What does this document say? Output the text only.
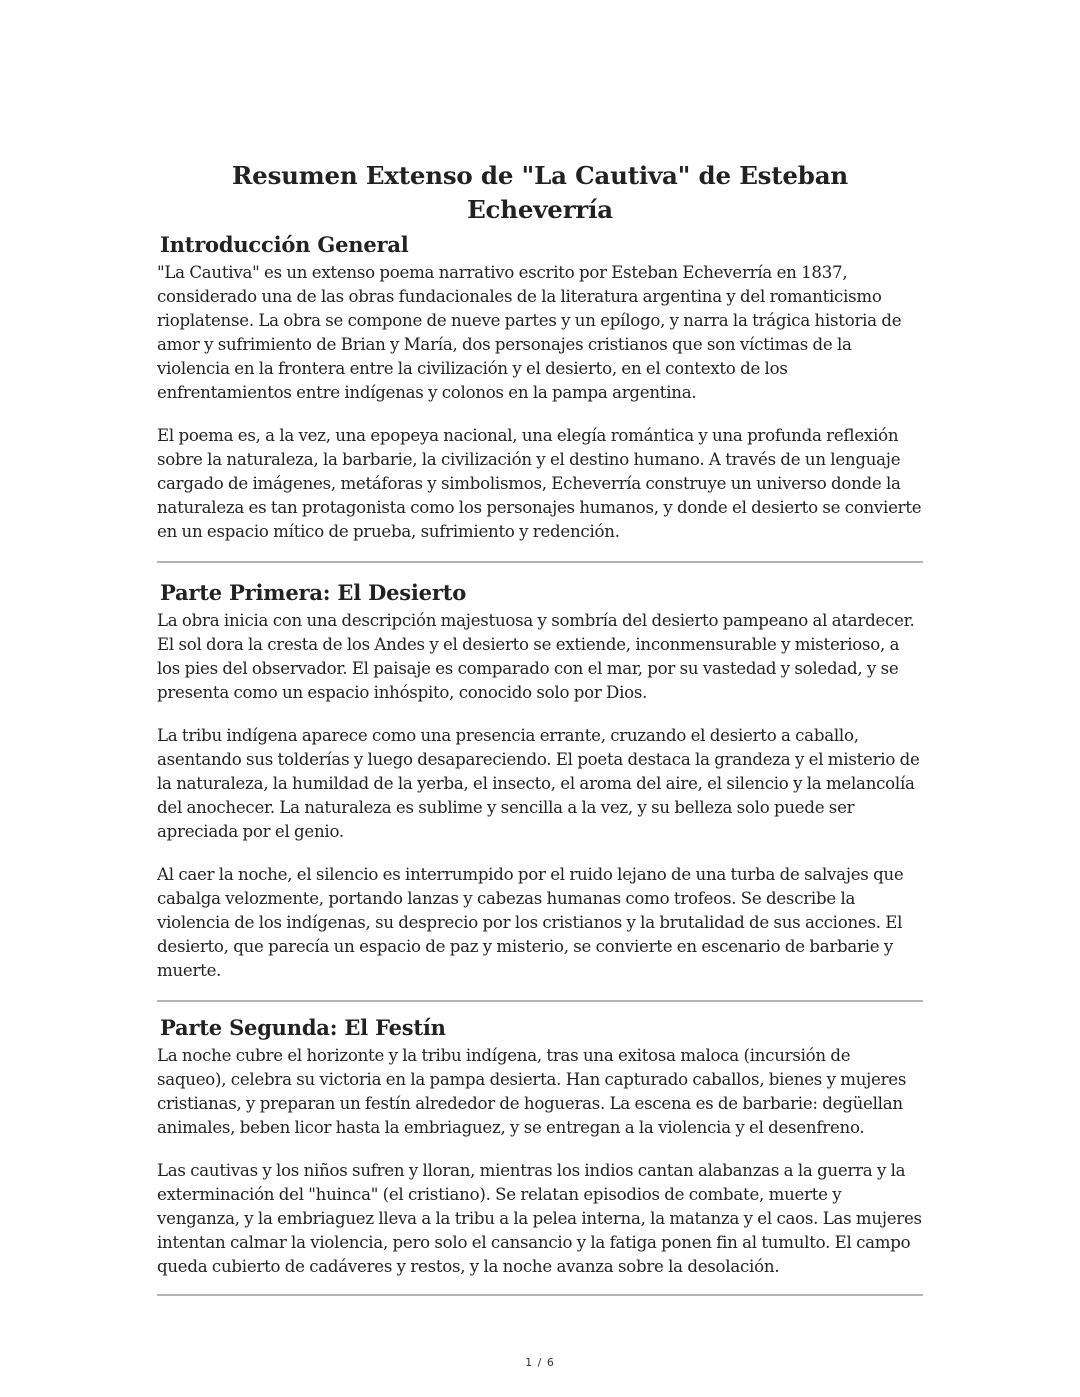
Resumen Extenso de "La Cautiva" de Esteban Echeverría
Introducción General

"La Cautiva" es un extenso poema narrativo escrito por Esteban Echeverría en 1837, considerado una de las obras fundacionales de la literatura argentina y del romanticismo rioplatense. La obra se compone de nueve partes y un epílogo, y narra la trágica historia de amor y sufrimiento de Brian y María, dos personajes cristianos que son víctimas de la violencia en la frontera entre la civilización y el desierto, en el contexto de los enfrentamientos entre indígenas y colonos en la pampa argentina.

El poema es, a la vez, una epopeya nacional, una elegía romántica y una profunda reflexión sobre la naturaleza, la barbarie, la civilización y el destino humano. A través de un lenguaje cargado de imágenes, metáforas y simbolismos, Echeverría construye un universo donde la naturaleza es tan protagonista como los personajes humanos, y donde el desierto se convierte en un espacio mítico de prueba, sufrimiento y redención.

Parte Primera: El Desierto

La obra inicia con una descripción majestuosa y sombría del desierto pampeano al atardecer. El sol dora la cresta de los Andes y el desierto se extiende, inconmensurable y misterioso, a los pies del observador. El paisaje es comparado con el mar, por su vastedad y soledad, y se presenta como un espacio inhóspito, conocido solo por Dios.

La tribu indígena aparece como una presencia errante, cruzando el desierto a caballo, asentando sus tolderías y luego desapareciendo. El poeta destaca la grandeza y el misterio de la naturaleza, la humildad de la yerba, el insecto, el aroma del aire, el silencio y la melancolía del anochecer. La naturaleza es sublime y sencilla a la vez, y su belleza solo puede ser apreciada por el genio.

Al caer la noche, el silencio es interrumpido por el ruido lejano de una turba de salvajes que cabalga velozmente, portando lanzas y cabezas humanas como trofeos. Se describe la violencia de los indígenas, su desprecio por los cristianos y la brutalidad de sus acciones. El desierto, que parecía un espacio de paz y misterio, se convierte en escenario de barbarie y muerte.

Parte Segunda: El Festín

La noche cubre el horizonte y la tribu indígena, tras una exitosa maloca (incursión de saqueo), celebra su victoria en la pampa desierta. Han capturado caballos, bienes y mujeres cristianas, y preparan un festín alrededor de hogueras. La escena es de barbarie: degüellan animales, beben licor hasta la embriaguez, y se entregan a la violencia y el desenfreno.

Las cautivas y los niños sufren y lloran, mientras los indios cantan alabanzas a la guerra y la exterminación del "huinca" (el cristiano). Se relatan episodios de combate, muerte y venganza, y la embriaguez lleva a la tribu a la pelea interna, la matanza y el caos. Las mujeres intentan calmar la violencia, pero solo el cansancio y la fatiga ponen fin al tumulto. El campo queda cubierto de cadáveres y restos, y la noche avanza sobre la desolación.

1 / 6
